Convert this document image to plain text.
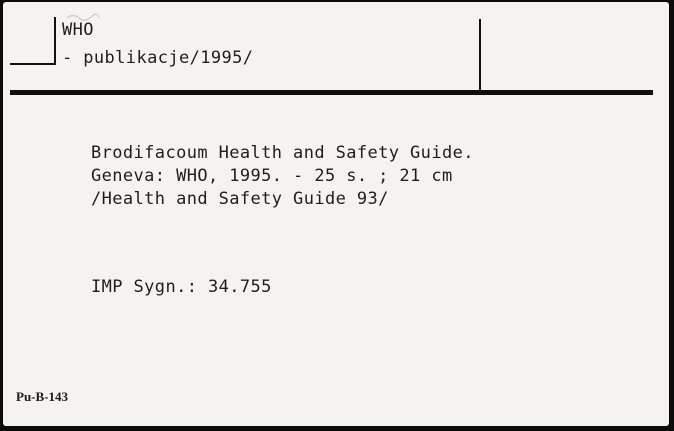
WHO
- publikacje/1995/
Brodifacoum Health and Safety Guide.
Geneva: WHO, 1995. - 25 s. ; 21 cm
/Health and Safety Guide 93/
IMP Sygn.: 34.755
Pu-B-143
